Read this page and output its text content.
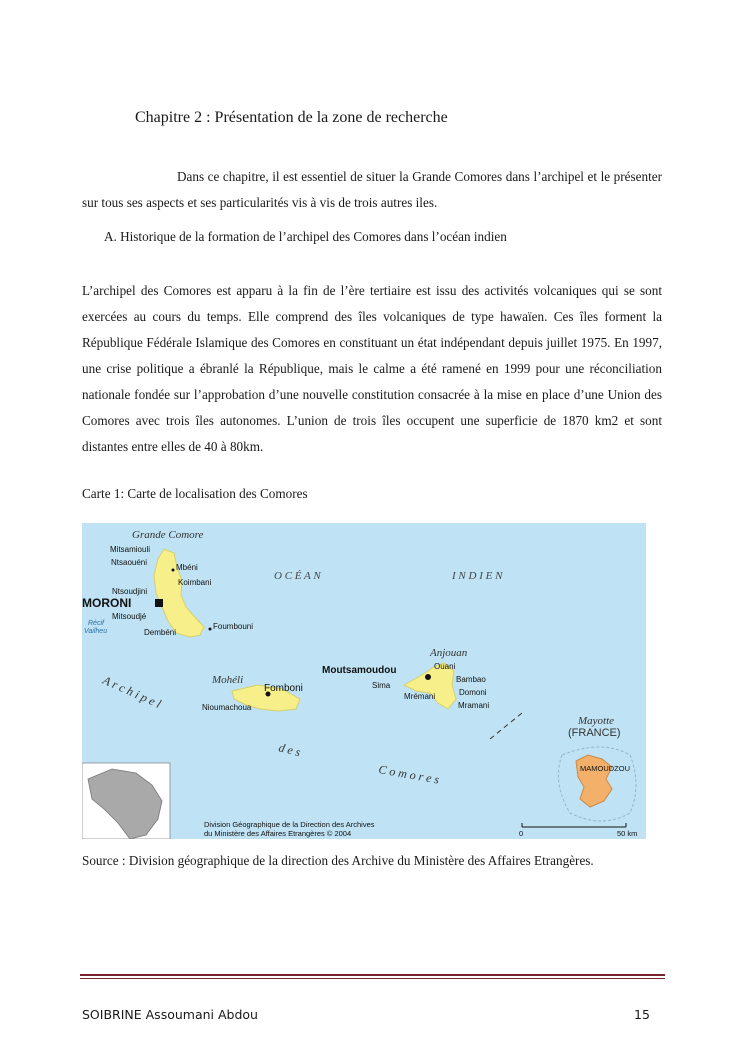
Chapitre 2 : Présentation de la zone de recherche

Dans ce chapitre, il est essentiel de situer la Grande Comores dans l’archipel et le présenter sur tous ses aspects et ses particularités vis à vis de trois autres iles.

A. Historique de la formation de l’archipel des Comores dans l’océan indien

L’archipel des Comores est apparu à la fin de l’ère tertiaire est issu des activités volcaniques qui se sont exercées au cours du temps. Elle comprend des îles volcaniques de type hawaïen. Ces îles forment la République Fédérale Islamique des Comores en constituant un état indépendant depuis juillet 1975. En 1997, une crise politique a ébranlé la République, mais le calme a été ramené en 1999 pour une réconciliation nationale fondée sur l’approbation d’une nouvelle constitution consacrée à la mise en place d’une Union des Comores avec trois îles autonomes. L’union de trois îles occupent une superficie de 1870 km2 et sont distantes entre elles de 40 à 80km.

Carte 1: Carte de localisation des Comores

O C É A N	I N D I E N
A r c h i p e l
d e s
C o m o r e s
Grande Comore
Mohéli
Anjouan
Mayotte
(FRANCE)
Mitsamiouli
Ntsaouéni
Mbéni
Koimbani
Ntsoudjini
Mitsoudjé
Foumbouni
Dembéni
MORONI
Récif
Vailheu
Fomboni
Nioumachoua
Moutsamoudou	Ouani
Bambao
Sima
Domoni
Mrémani
Mramani
MAMOUDZOU
Division Géographique de la Direction des Archives
du Ministère des Affaires Etrangères © 2004	0	50 km

Source : Division géographique de la direction des Archive du Ministère des Affaires Etrangères.

SOIBRINE Assoumani Abdou	15
